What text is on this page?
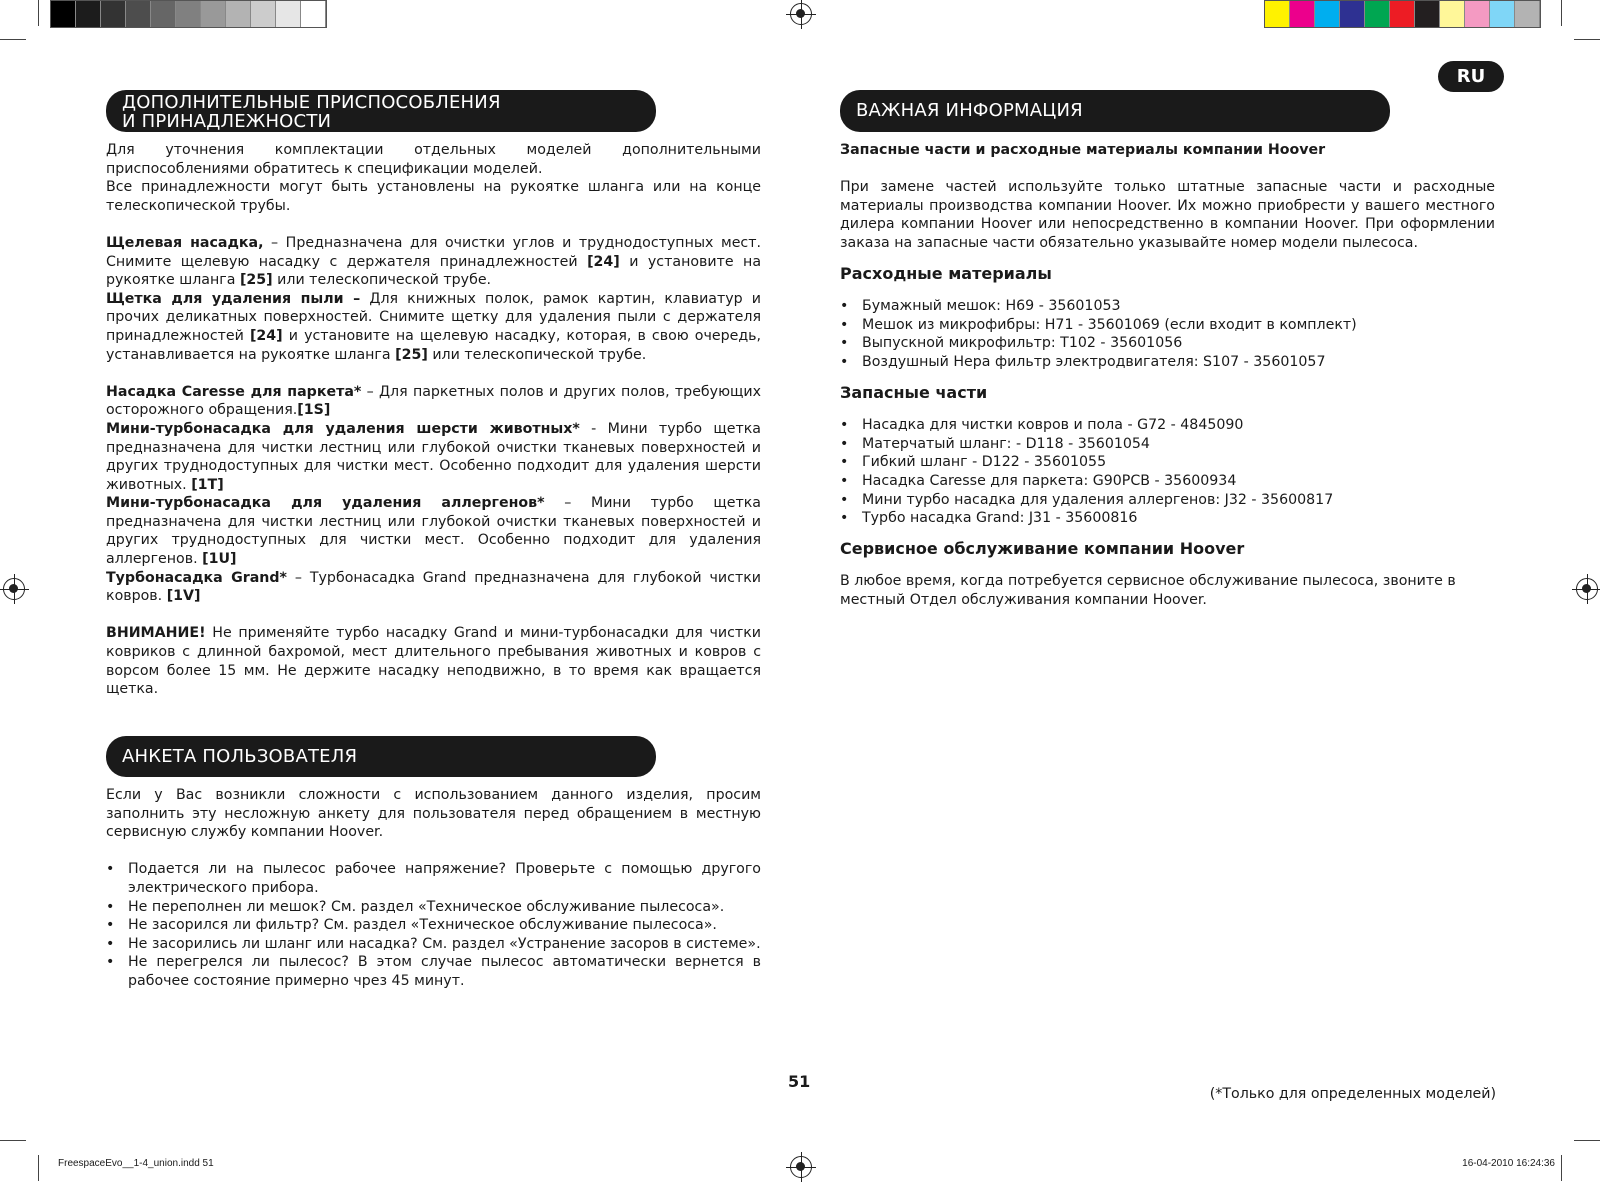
RU
ДОПОЛНИТЕЛЬНЫЕ ПРИСПОСОБЛЕНИЯ
И ПРИНАДЛЕЖНОСТИ

Для уточнения комплектации отдельных моделей дополнительными приспособлениями обратитесь к спецификации моделей.

Все принадлежности могут быть установлены на рукоятке шланга или на конце телескопической трубы.

Щелевая насадка, – Предназначена для очистки углов и труднодоступных мест. Снимите щелевую насадку с держателя принадлежностей [24] и установите на рукоятке шланга [25] или телескопической трубе.

Щетка для удаления пыли – Для книжных полок, рамок картин, клавиатур и прочих деликатных поверхностей. Снимите щетку для удаления пыли с держателя принадлежностей [24] и установите на щелевую насадку, которая, в свою очередь, устанавливается на рукоятке шланга [25] или телескопической трубе.

Насадка Caresse для паркета* – Для паркетных полов и других полов, требующих осторожного обращения.[1S]

Мини-турбонасадка для удаления шерсти животных* - Мини турбо щетка предназначена для чистки лестниц или глубокой очистки тканевых поверхностей и других труднодоступных для чистки мест. Особенно подходит для удаления шерсти животных. [1T]

Мини-турбонасадка для удаления аллергенов* – Мини турбо щетка предназначена для чистки лестниц или глубокой очистки тканевых поверхностей и других труднодоступных для чистки мест. Особенно подходит для удаления аллергенов. [1U]

Турбонасадка Grand* – Турбонасадка Grand предназначена для глубокой чистки ковров. [1V]

ВНИМАНИЕ! Не применяйте турбо насадку Grand и мини-турбонасадки для чистки ковриков с длинной бахромой, мест длительного пребывания животных и ковров с ворсом более 15 мм. Не держите насадку неподвижно, в то время как вращается щетка.

АНКЕТА ПОЛЬЗОВАТЕЛЯ

Если у Вас возникли сложности с использованием данного изделия, просим заполнить эту несложную анкету для пользователя перед обращением в местную сервисную службу компании Hoover.

• Подается ли на пылесос рабочее напряжение? Проверьте с помощью другого электрического прибора.
• Не переполнен ли мешок? См. раздел «Техническое обслуживание пылесоса».
• Не засорился ли фильтр? См. раздел «Техническое обслуживание пылесоса».
• Не засорились ли шланг или насадка? См. раздел «Устранение засоров в системе».
• Не перегрелся ли пылесос? В этом случае пылесос автоматически вернется в рабочее состояние примерно чрез 45 минут.
ВАЖНАЯ ИНФОРМАЦИЯ

Запасные части и расходные материалы компании Hoover

При замене частей используйте только штатные запасные части и расходные материалы производства компании Hoover. Их можно приобрести у вашего местного дилера компании Hoover или непосредственно в компании Hoover. При оформлении заказа на запасные части обязательно указывайте номер модели пылесоса.

Расходные материалы

• Бумажный мешок: H69 - 35601053
• Мешок из микрофибры: H71 - 35601069 (если входит в комплект)
• Выпускной микрофильтр: T102 - 35601056
• Воздушный Hepa фильтр электродвигателя: S107 - 35601057

Запасные части

• Насадка для чистки ковров и пола - G72 - 4845090
• Матерчатый шланг: - D118 - 35601054
• Гибкий шланг - D122 - 35601055
• Насадка Caresse для паркета: G90PCB - 35600934
• Мини турбо насадка для удаления аллергенов: J32 - 35600817
• Турбо насадка Grand: J31 - 35600816

Сервисное обслуживание компании Hoover

В любое время, когда потребуется сервисное обслуживание пылесоса, звоните в местный Отдел обслуживания компании Hoover.

51
(*Только для определенных моделей)
FreespaceEvo__1-4_union.indd 51	16-04-2010 16:24:36
